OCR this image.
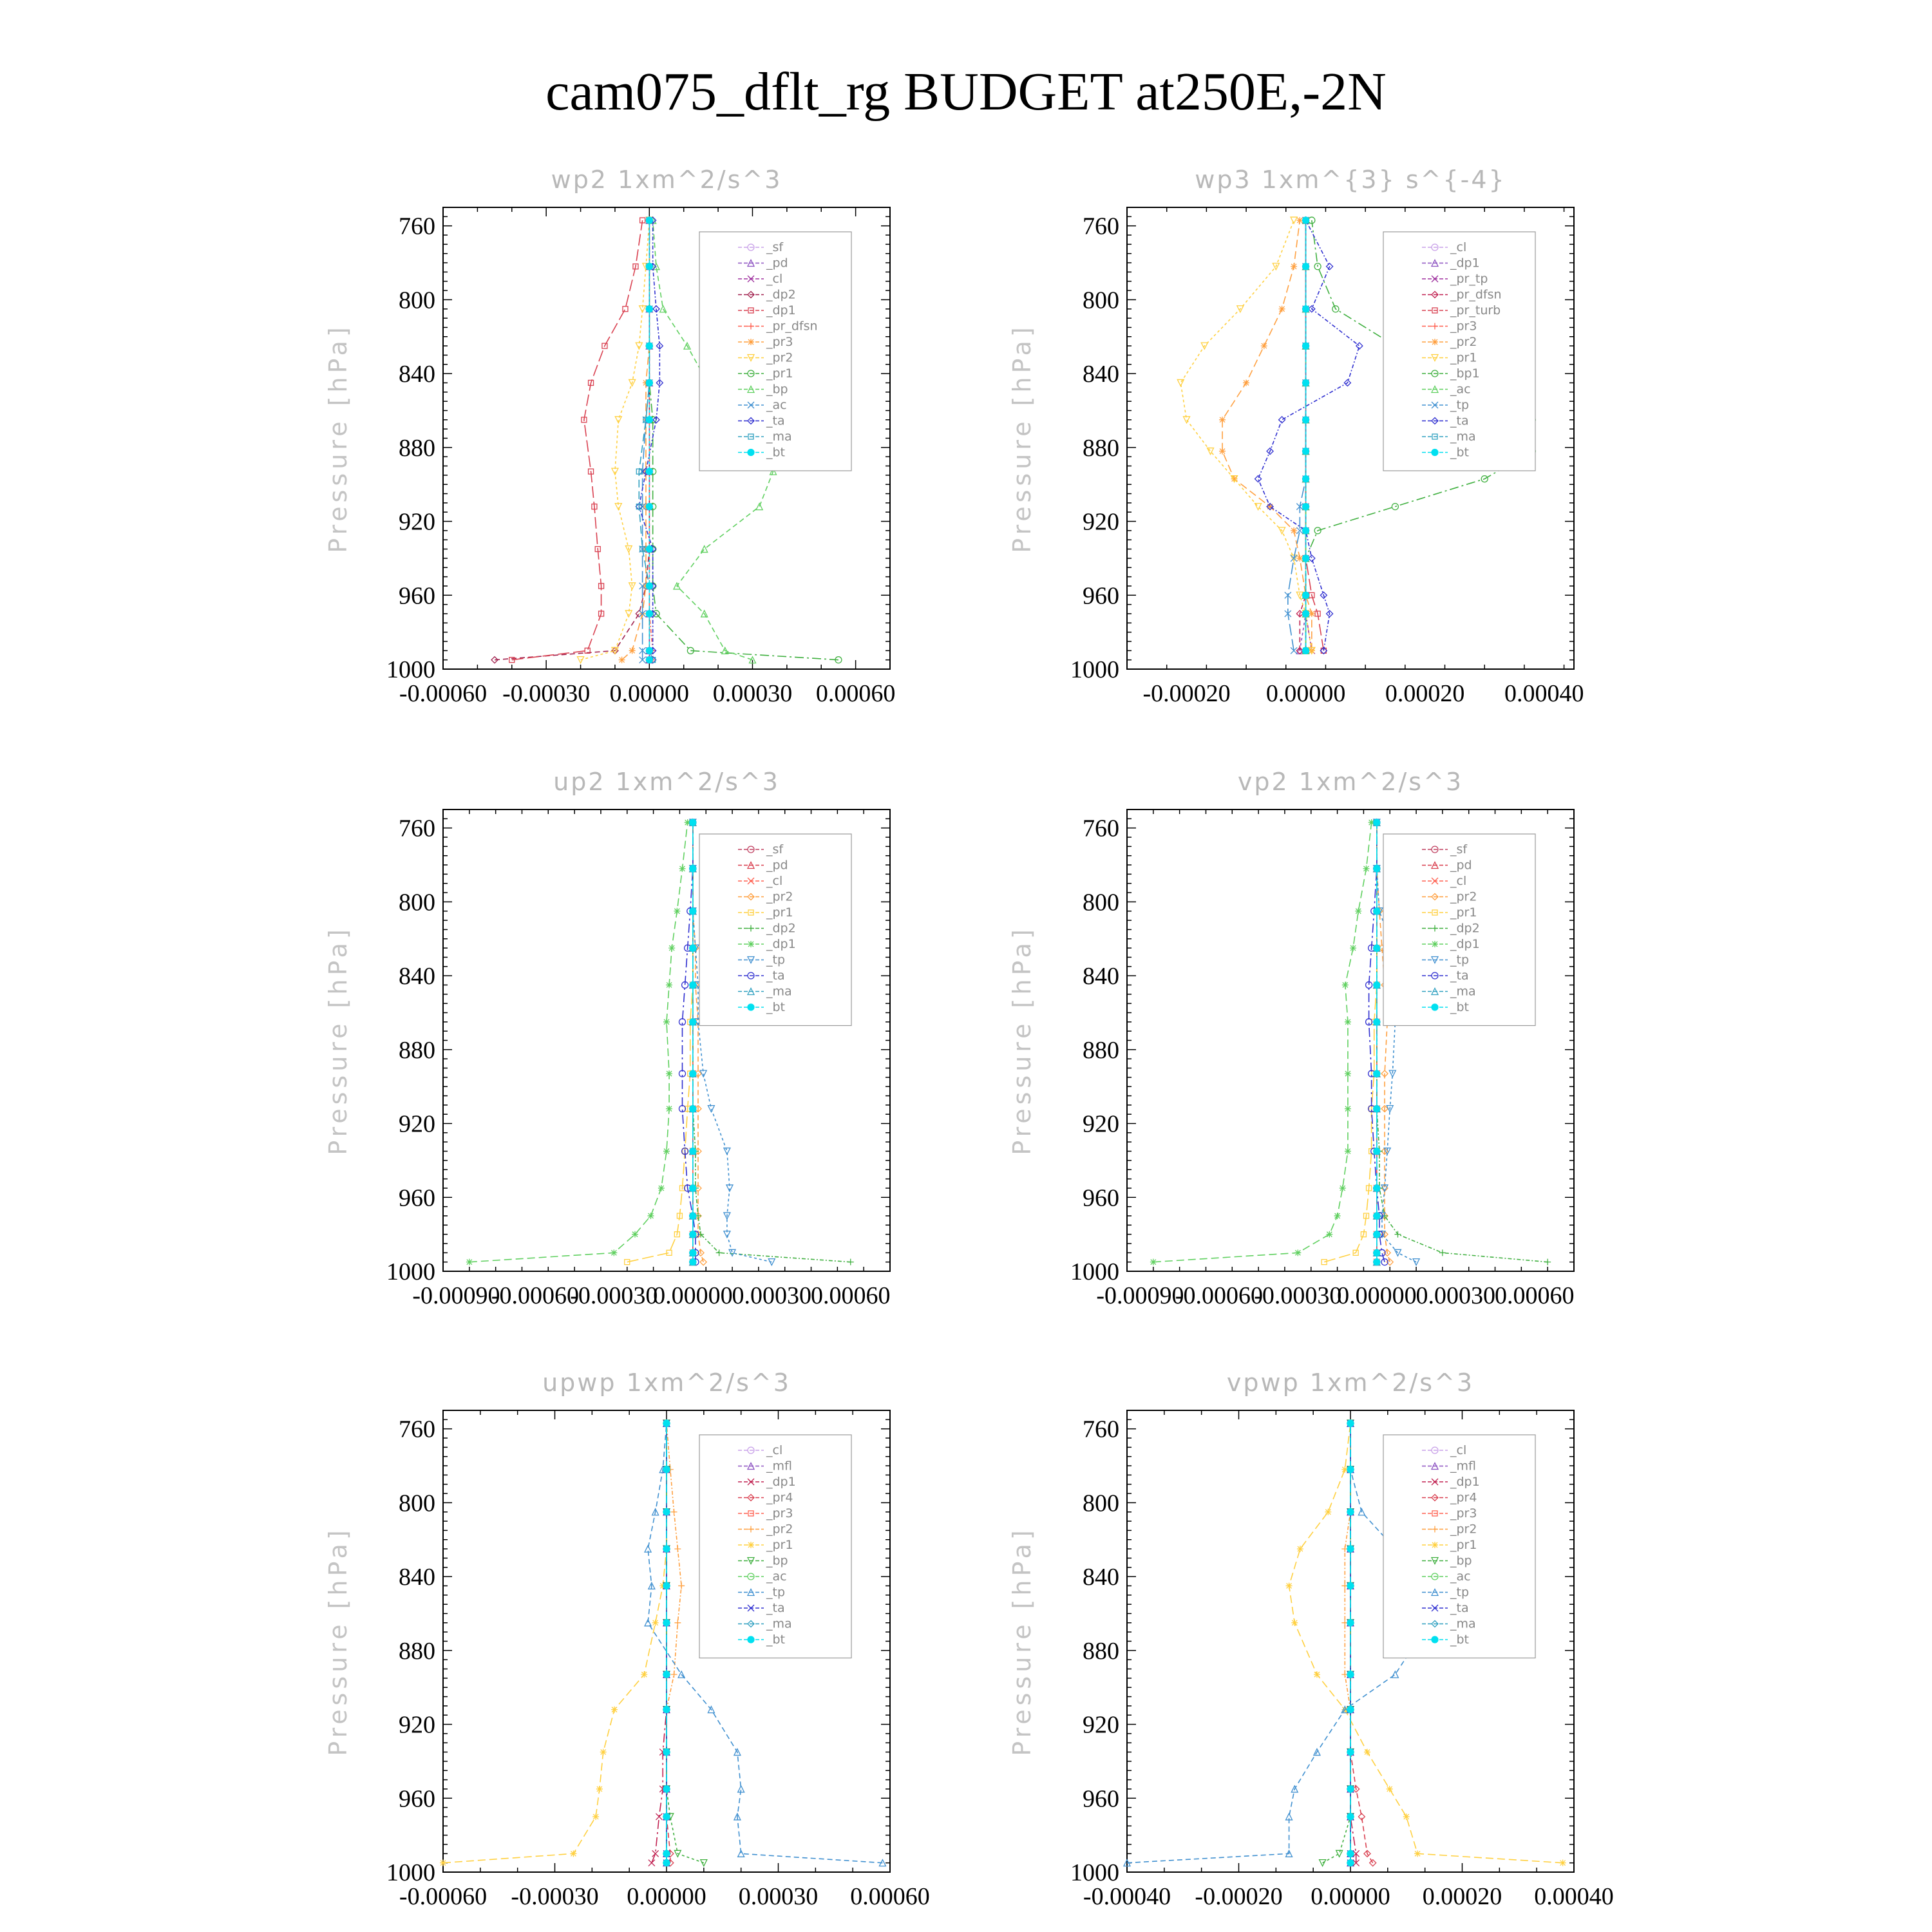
cam075_dflt_rg BUDGET at250E,-2N
wp2 1xm^2/s^3
Pressure [hPa]
760
800
840
880
920
960
1000
-0.00060 -0.00030 0.00000 0.00030 0.00060
_sf
_pd
_cl
_dp2
_dp1
_pr_dfsn
_pr3
_pr2
_pr1
_bp
_ac
_ta
_ma
_bt
wp3 1xm^{3} s^{-4}
Pressure [hPa]
760
800
840
880
920
960
1000
-0.00020 0.00000 0.00020 0.00040
_cl
_dp1
_pr_tp
_pr_dfsn
_pr_turb
_pr3
_pr2
_pr1
_bp1
_ac
_tp
_ta
_ma
_bt
up2 1xm^2/s^3
Pressure [hPa]
760
800
840
880
920
960
1000
-0.00090
-0.00060
-0.00030
0.00000
0.00030
0.00060
_sf
_pd
_cl
_pr2
_pr1
_dp2
_dp1
_tp
_ta
_ma
_bt
vp2 1xm^2/s^3
Pressure [hPa]
760
800
840
880
920
960
1000
-0.00090
-0.00060
-0.00030
0.00000
0.00030
0.00060
_sf
_pd
_cl
_pr2
_pr1
_dp2
_dp1
_tp
_ta
_ma
_bt
upwp 1xm^2/s^3
Pressure [hPa]
760
800
840
880
920
960
1000
-0.00060 -0.00030 0.00000 0.00030 0.00060
_cl
_mfl
_dp1
_pr4
_pr3
_pr2
_pr1
_bp
_ac
_tp
_ta
_ma
_bt
vpwp 1xm^2/s^3
Pressure [hPa]
760
800
840
880
920
960
1000
-0.00040 -0.00020 0.00000 0.00020 0.00040
_cl
_mfl
_dp1
_pr4
_pr3
_pr2
_pr1
_bp
_ac
_tp
_ta
_ma
_bt
